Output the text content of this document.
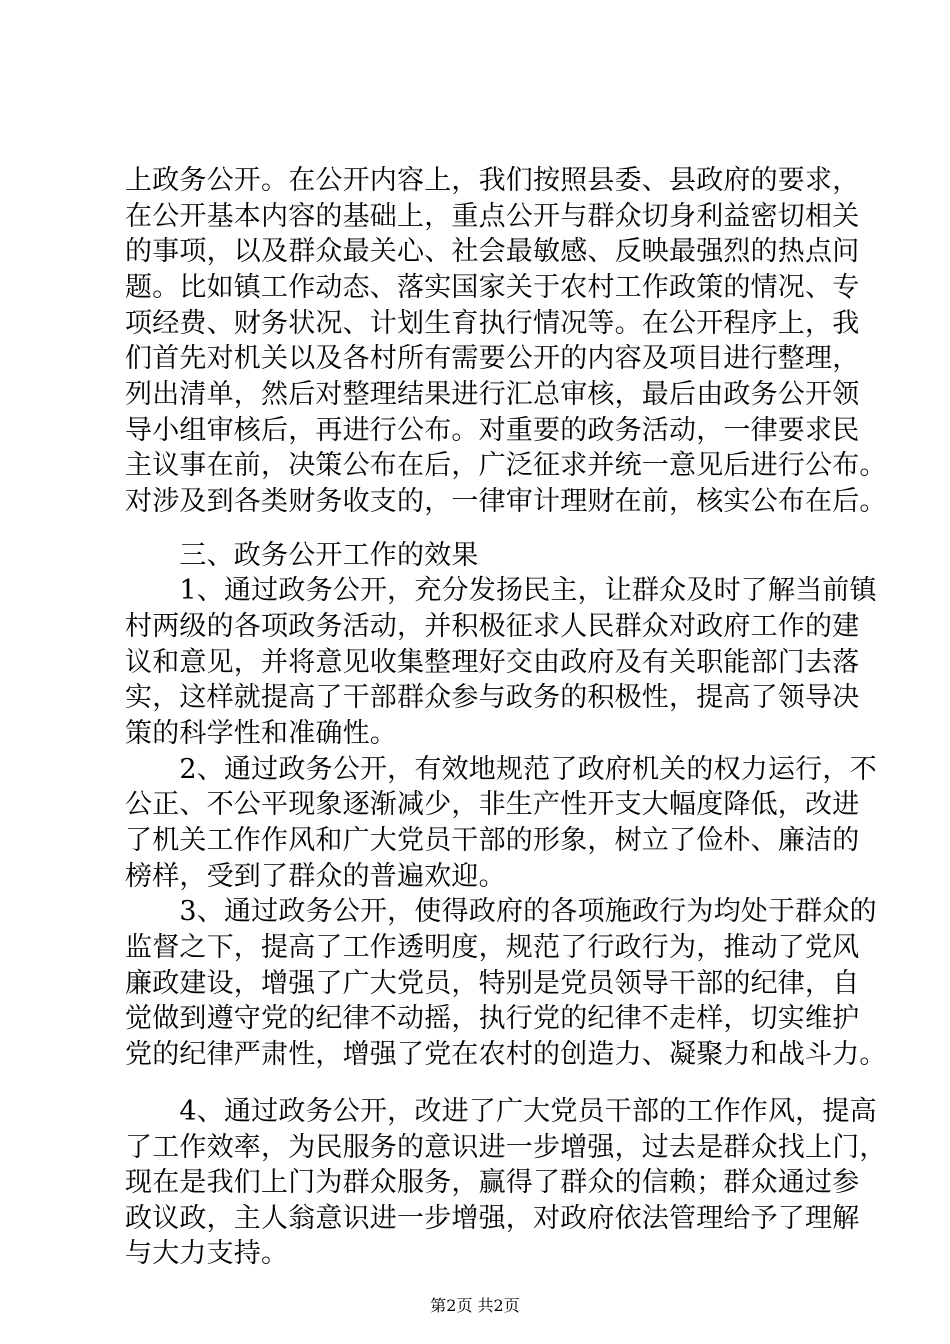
上政务公开。在公开内容上，我们按照县委、县政府的要求，
在公开基本内容的基础上，重点公开与群众切身利益密切相关
的事项，以及群众最关心、社会最敏感、反映最强烈的热点问
题。比如镇工作动态、落实国家关于农村工作政策的情况、专
项经费、财务状况、计划生育执行情况等。在公开程序上，我
们首先对机关以及各村所有需要公开的内容及项目进行整理，
列出清单，然后对整理结果进行汇总审核，最后由政务公开领
导小组审核后，再进行公布。对重要的政务活动，一律要求民
主议事在前，决策公布在后，广泛征求并统一意见后进行公布。
对涉及到各类财务收支的，一律审计理财在前，核实公布在后。
　　三、政务公开工作的效果
　　1、通过政务公开，充分发扬民主，让群众及时了解当前镇
村两级的各项政务活动，并积极征求人民群众对政府工作的建
议和意见，并将意见收集整理好交由政府及有关职能部门去落
实，这样就提高了干部群众参与政务的积极性，提高了领导决
策的科学性和准确性。
　　2、通过政务公开，有效地规范了政府机关的权力运行，不
公正、不公平现象逐渐减少，非生产性开支大幅度降低，改进
了机关工作作风和广大党员干部的形象，树立了俭朴、廉洁的
榜样，受到了群众的普遍欢迎。
　　3、通过政务公开，使得政府的各项施政行为均处于群众的
监督之下，提高了工作透明度，规范了行政行为，推动了党风
廉政建设，增强了广大党员，特别是党员领导干部的纪律，自
觉做到遵守党的纪律不动摇，执行党的纪律不走样，切实维护
党的纪律严肃性，增强了党在农村的创造力、凝聚力和战斗力。
　　4、通过政务公开，改进了广大党员干部的工作作风，提高
了工作效率，为民服务的意识进一步增强，过去是群众找上门，
现在是我们上门为群众服务，赢得了群众的信赖；群众通过参
政议政，主人翁意识进一步增强，对政府依法管理给予了理解
与大力支持。
第2页 共2页
